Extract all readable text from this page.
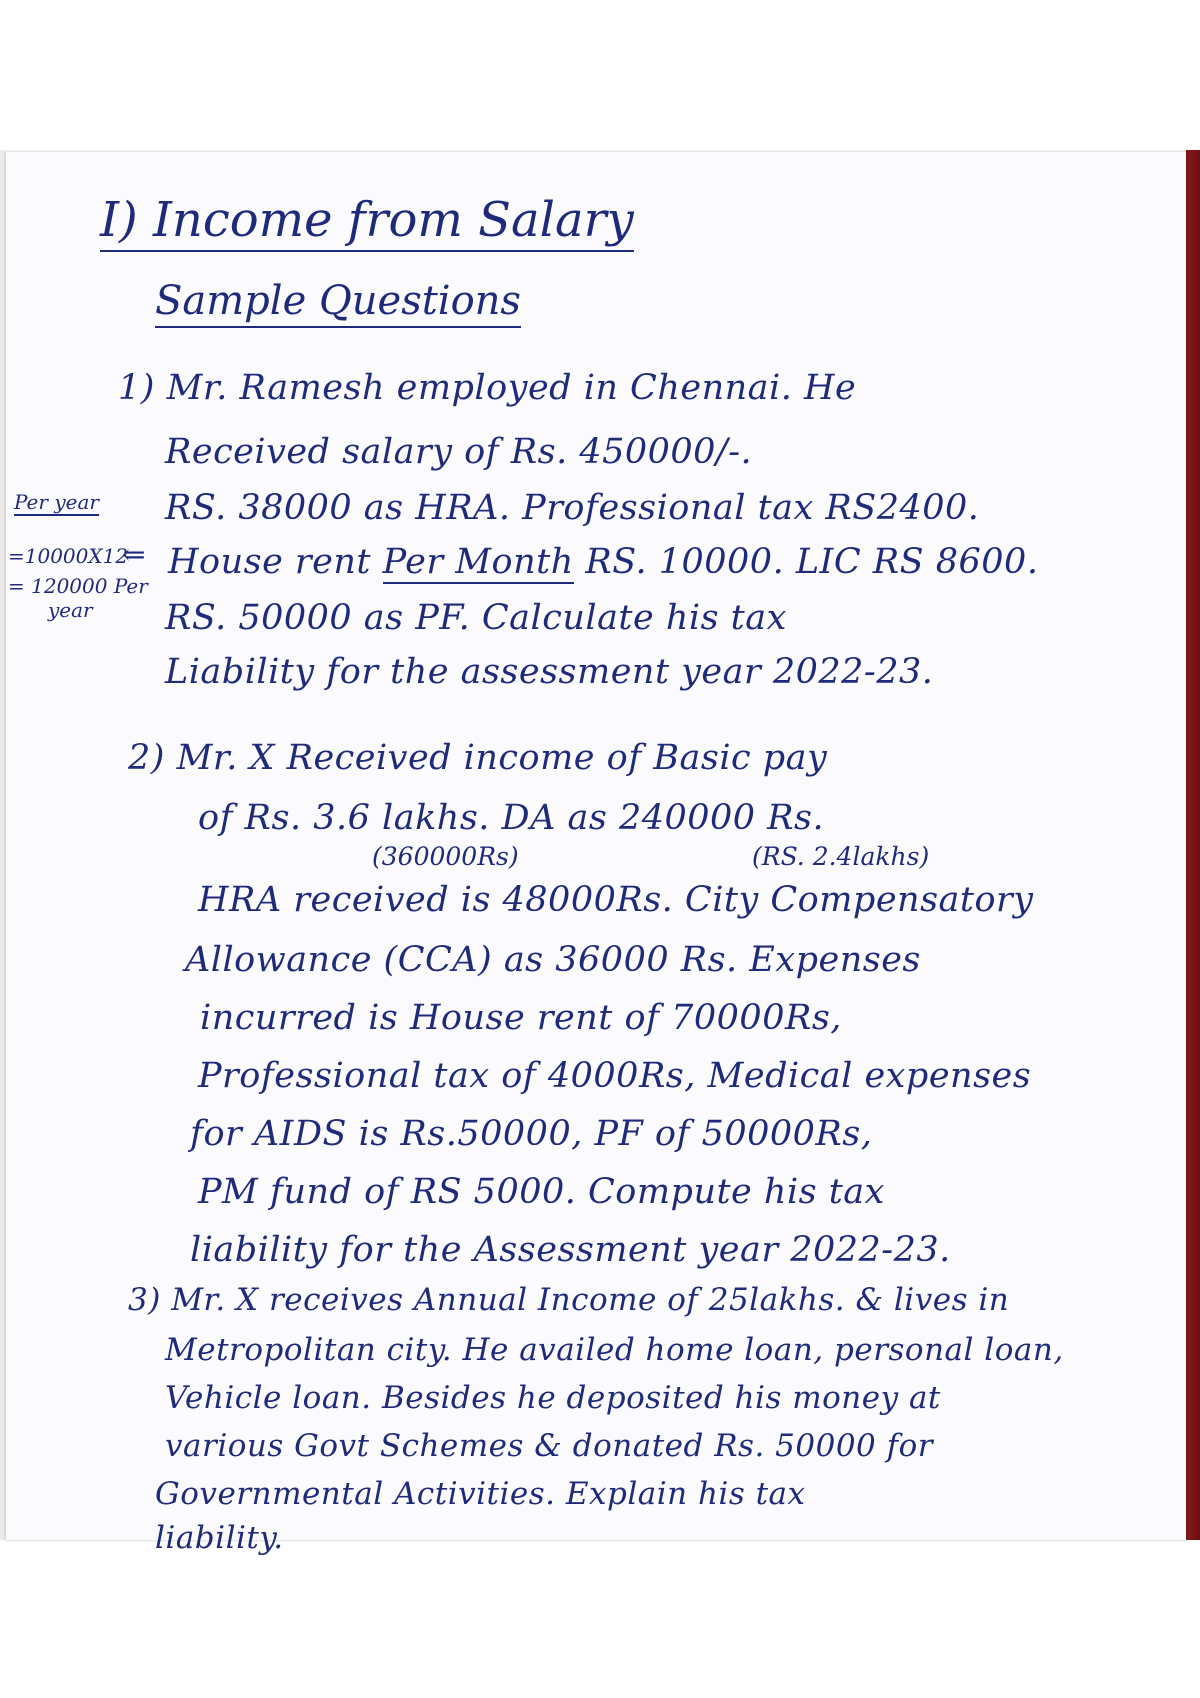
I) Income from Salary
Sample Questions
Per year
=10000X12
⇐
= 120000 Per
year
1) Mr. Ramesh employed in Chennai. He
Received salary of Rs. 450000/-.
RS. 38000 as HRA. Professional tax RS2400.
House rent Per Month RS. 10000. LIC RS 8600.
RS. 50000 as PF. Calculate his tax
Liability for the assessment year 2022-23.
2) Mr. X Received income of Basic pay
of Rs. 3.6 lakhs. DA as 240000 Rs.
(360000Rs)	(RS. 2.4lakhs)
HRA received is 48000Rs. City Compensatory
Allowance (CCA) as 36000 Rs. Expenses
incurred is House rent of 70000Rs,
Professional tax of 4000Rs, Medical expenses
for AIDS is Rs.50000, PF of 50000Rs,
PM fund of RS 5000. Compute his tax
liability for the Assessment year 2022-23.
3) Mr. X receives Annual Income of 25lakhs. & lives in
Metropolitan city. He availed home loan, personal loan,
Vehicle loan. Besides he deposited his money at
various Govt Schemes & donated Rs. 50000 for
Governmental Activities. Explain his tax
liability.
